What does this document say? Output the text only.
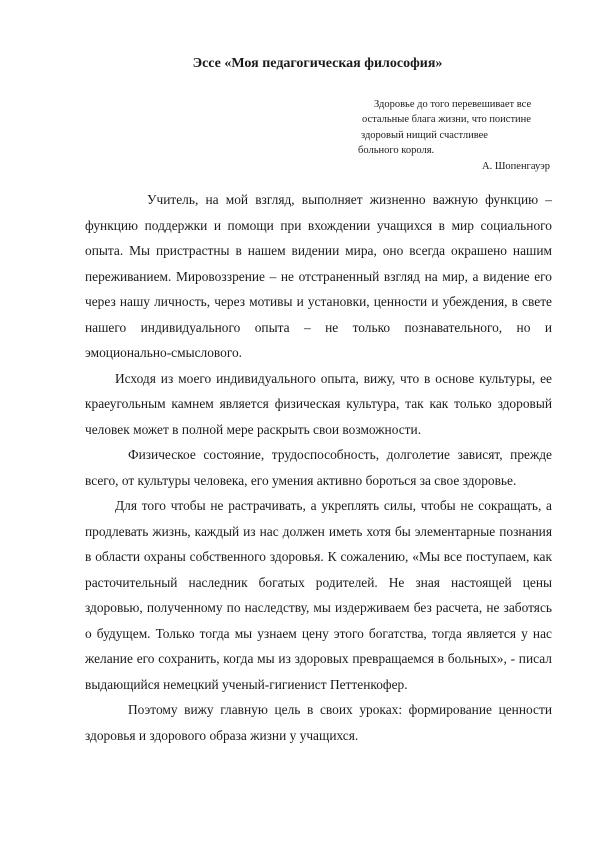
Эссе «Моя педагогическая философия»
Здоровье до того перевешивает все
остальные блага жизни, что поистине
здоровый нищий счастливее
больного короля.
А. Шопенгауэр

Учитель, на мой взгляд, выполняет жизненно важную функцию – функцию поддержки и помощи при вхождении учащихся в мир социального опыта. Мы пристрастны в нашем видении мира, оно всегда окрашено нашим переживанием. Мировоззрение – не отстраненный взгляд на мир, а видение его через нашу личность, через мотивы и установки, ценности и убеждения, в свете нашего индивидуального опыта – не только познавательного, но и эмоционально-смыслового.

Исходя из моего индивидуального опыта, вижу, что в основе культуры, ее краеугольным камнем является физическая культура, так как только здоровый человек может в полной мере раскрыть свои возможности.

Физическое состояние, трудоспособность, долголетие зависят, прежде всего, от культуры человека, его умения активно бороться за свое здоровье.

Для того чтобы не растрачивать, а укреплять силы, чтобы не сокращать, а продлевать жизнь, каждый из нас должен иметь хотя бы элементарные познания в области охраны собственного здоровья. К сожалению, «Мы все поступаем, как расточительный наследник богатых родителей. Не зная настоящей цены здоровью, полученному по наследству, мы издерживаем без расчета, не заботясь о будущем. Только тогда мы узнаем цену этого богатства, тогда является у нас желание его сохранить, когда мы из здоровых превращаемся в больных», - писал выдающийся немецкий ученый-гигиенист Петтенкофер.

Поэтому вижу главную цель в своих уроках: формирование ценности здоровья и здорового образа жизни у учащихся.
